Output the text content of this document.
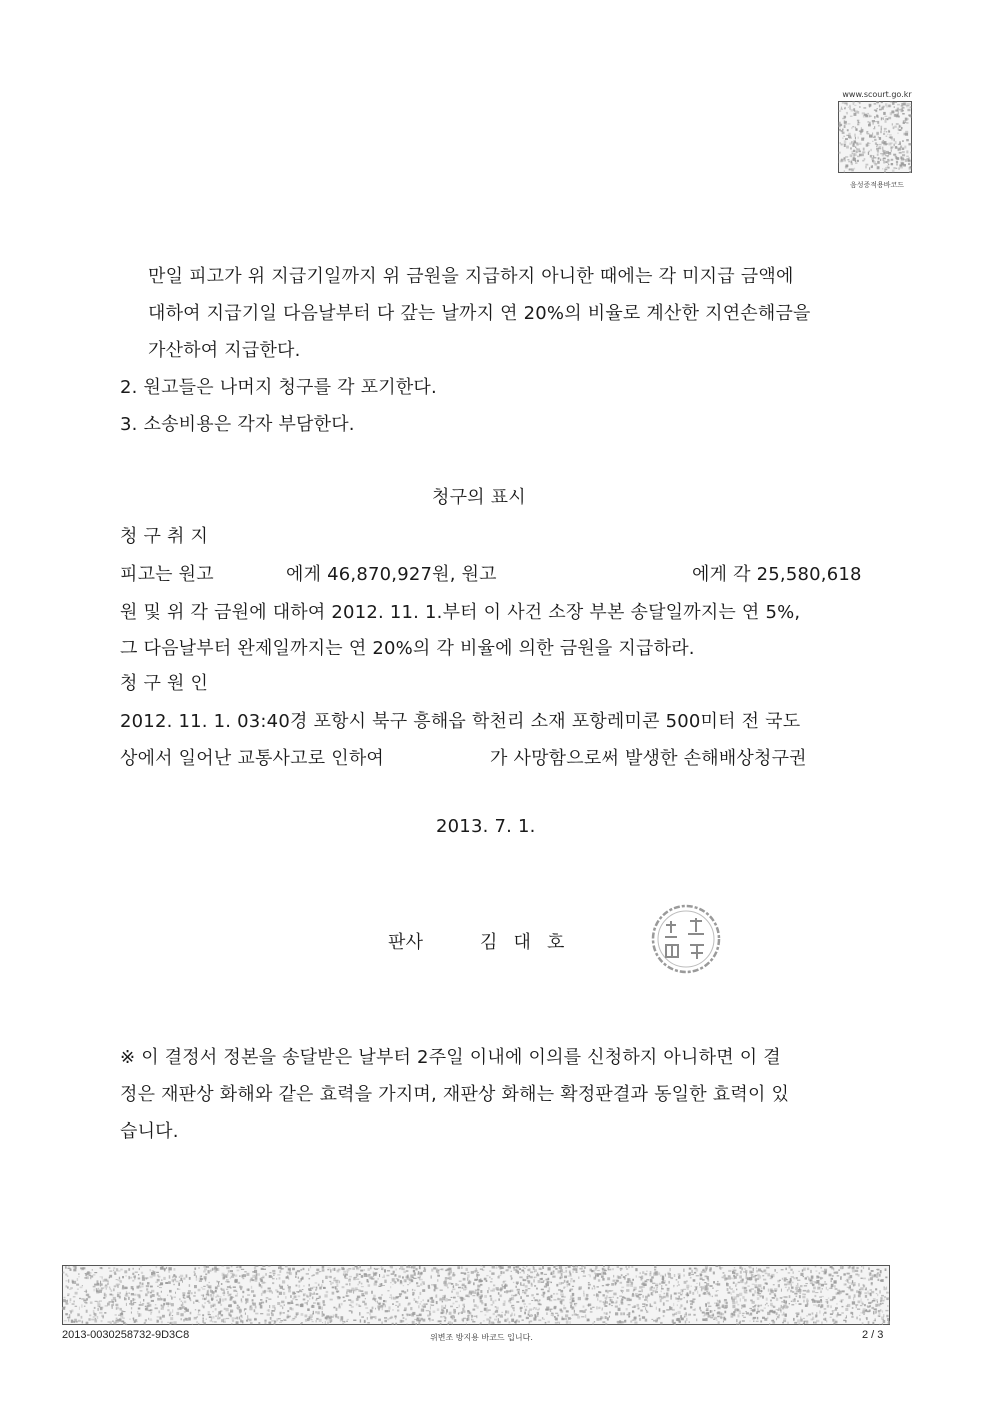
www.scourt.go.kr
음성증적용바코드
만일 피고가 위 지급기일까지 위 금원을 지급하지 아니한 때에는 각 미지급 금액에
대하여 지급기일 다음날부터 다 갚는 날까지 연 20%의 비율로 계산한 지연손해금을
가산하여 지급한다.
2. 원고들은 나머지 청구를 각 포기한다.
3. 소송비용은 각자 부담한다.
청구의 표시
청 구 취 지
피고는 원고	에게 46,870,927원, 원고	에게 각 25,580,618
원 및 위 각 금원에 대하여 2012. 11. 1.부터 이 사건 소장 부본 송달일까지는 연 5%,
그 다음날부터 완제일까지는 연 20%의 각 비율에 의한 금원을 지급하라.
청 구 원 인
2012. 11. 1. 03:40경 포항시 북구 흥해읍 학천리 소재 포항레미콘 500미터 전 국도
상에서 일어난 교통사고로 인하여	가 사망함으로써 발생한 손해배상청구권
2013. 7. 1.
판사	김 대 호
※ 이 결정서 정본을 송달받은 날부터 2주일 이내에 이의를 신청하지 아니하면 이 결
정은 재판상 화해와 같은 효력을 가지며, 재판상 화해는 확정판결과 동일한 효력이 있
습니다.
2013-0030258732-9D3C8	위변조 방지용 바코드 입니다.	2 / 3
